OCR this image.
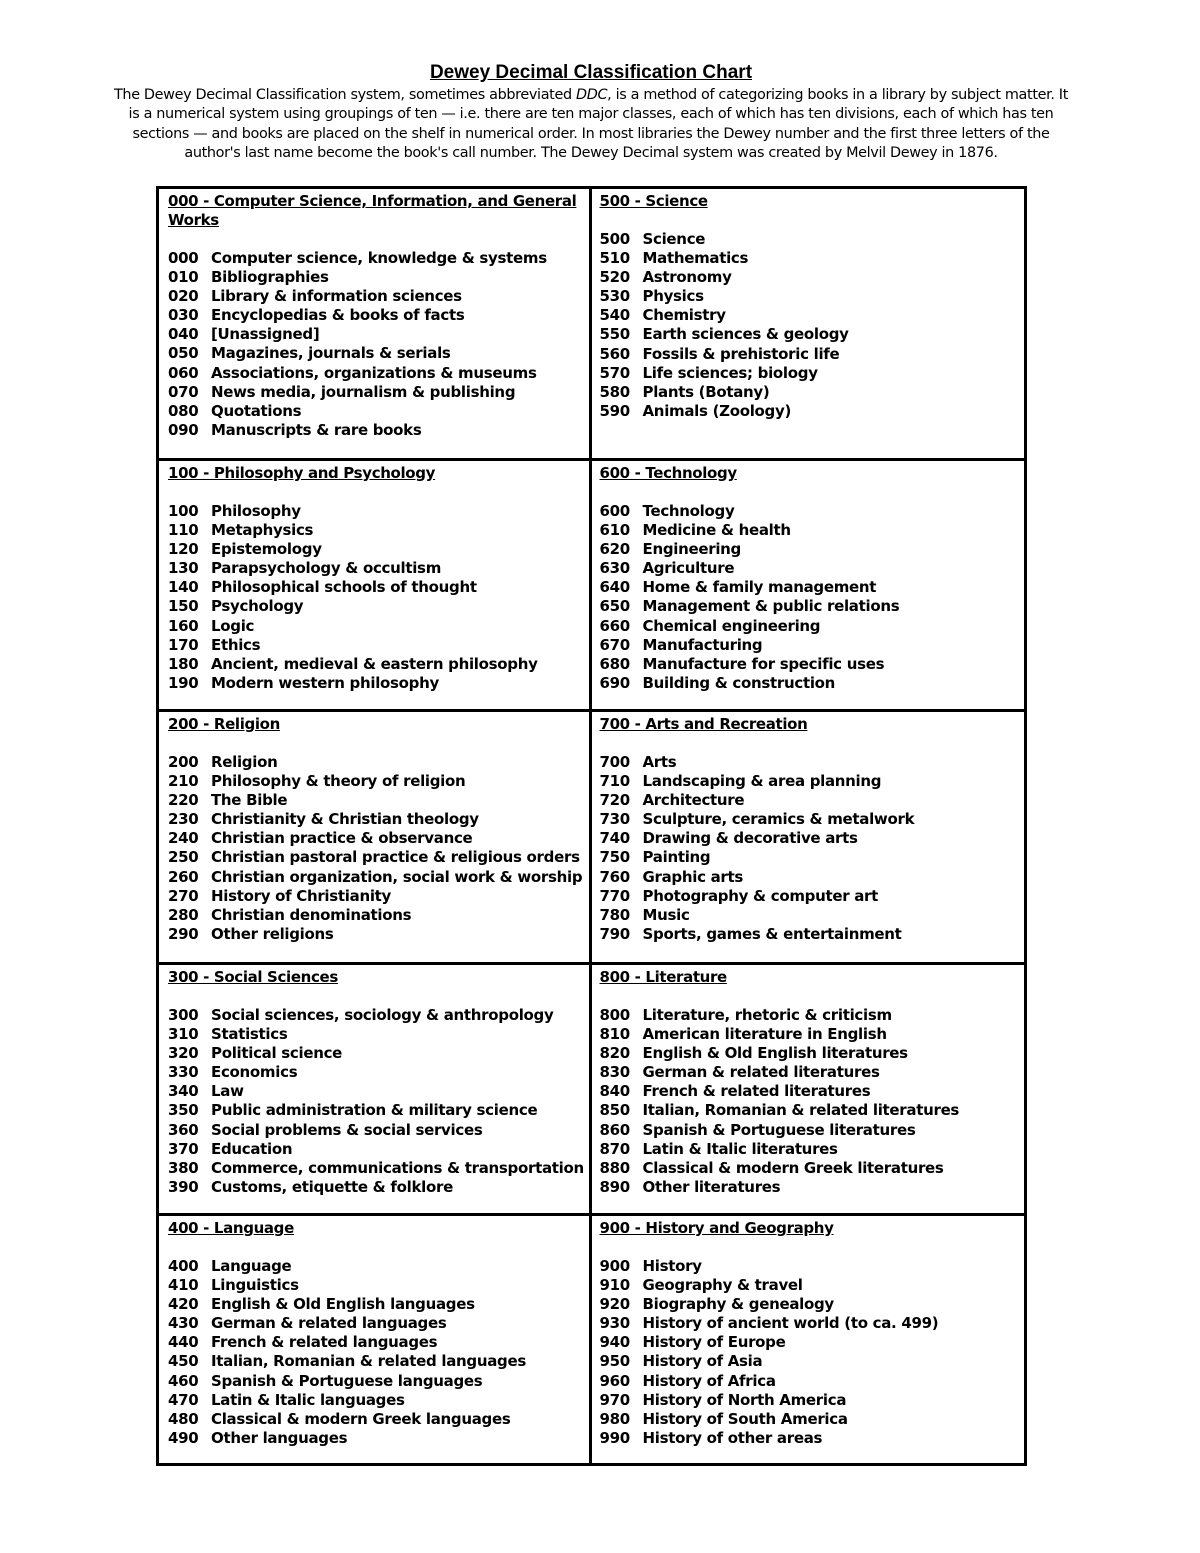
Dewey Decimal Classification Chart
The Dewey Decimal Classification system, sometimes abbreviated DDC, is a method of categorizing books in a library by subject matter. It is a numerical system using groupings of ten — i.e. there are ten major classes, each of which has ten divisions, each of which has ten sections — and books are placed on the shelf in numerical order. In most libraries the Dewey number and the first three letters of the author's last name become the book's call number. The Dewey Decimal system was created by Melvil Dewey in 1876.
000 - Computer Science, Information, and General Works
000 Computer science, knowledge & systems
010 Bibliographies
020 Library & information sciences
030 Encyclopedias & books of facts
040 [Unassigned]
050 Magazines, journals & serials
060 Associations, organizations & museums
070 News media, journalism & publishing
080 Quotations
090 Manuscripts & rare books
500 - Science
500 Science
510 Mathematics
520 Astronomy
530 Physics
540 Chemistry
550 Earth sciences & geology
560 Fossils & prehistoric life
570 Life sciences; biology
580 Plants (Botany)
590 Animals (Zoology)
100 - Philosophy and Psychology
100 Philosophy
110 Metaphysics
120 Epistemology
130 Parapsychology & occultism
140 Philosophical schools of thought
150 Psychology
160 Logic
170 Ethics
180 Ancient, medieval & eastern philosophy
190 Modern western philosophy
600 - Technology
600 Technology
610 Medicine & health
620 Engineering
630 Agriculture
640 Home & family management
650 Management & public relations
660 Chemical engineering
670 Manufacturing
680 Manufacture for specific uses
690 Building & construction
200 - Religion
200 Religion
210 Philosophy & theory of religion
220 The Bible
230 Christianity & Christian theology
240 Christian practice & observance
250 Christian pastoral practice & religious orders
260 Christian organization, social work & worship
270 History of Christianity
280 Christian denominations
290 Other religions
700 - Arts and Recreation
700 Arts
710 Landscaping & area planning
720 Architecture
730 Sculpture, ceramics & metalwork
740 Drawing & decorative arts
750 Painting
760 Graphic arts
770 Photography & computer art
780 Music
790 Sports, games & entertainment
300 - Social Sciences
300 Social sciences, sociology & anthropology
310 Statistics
320 Political science
330 Economics
340 Law
350 Public administration & military science
360 Social problems & social services
370 Education
380 Commerce, communications & transportation
390 Customs, etiquette & folklore
800 - Literature
800 Literature, rhetoric & criticism
810 American literature in English
820 English & Old English literatures
830 German & related literatures
840 French & related literatures
850 Italian, Romanian & related literatures
860 Spanish & Portuguese literatures
870 Latin & Italic literatures
880 Classical & modern Greek literatures
890 Other literatures
400 - Language
400 Language
410 Linguistics
420 English & Old English languages
430 German & related languages
440 French & related languages
450 Italian, Romanian & related languages
460 Spanish & Portuguese languages
470 Latin & Italic languages
480 Classical & modern Greek languages
490 Other languages
900 - History and Geography
900 History
910 Geography & travel
920 Biography & genealogy
930 History of ancient world (to ca. 499)
940 History of Europe
950 History of Asia
960 History of Africa
970 History of North America
980 History of South America
990 History of other areas
